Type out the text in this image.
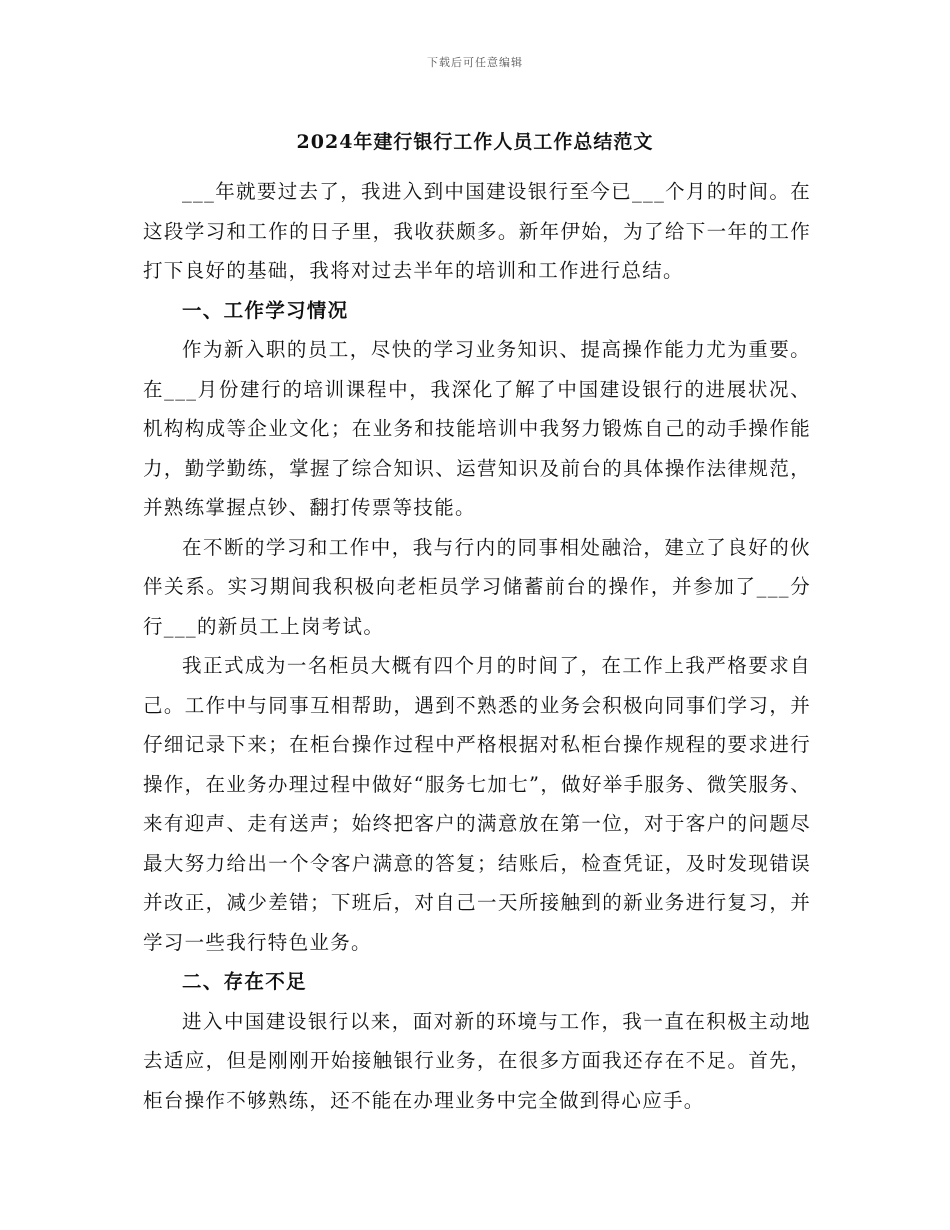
下载后可任意编辑
2024年建行银行工作人员工作总结范文

___年就要过去了，我进入到中国建设银行至今已___个月的时间。在这段学习和工作的日子里，我收获颇多。新年伊始，为了给下一年的工作打下良好的基础，我将对过去半年的培训和工作进行总结。

一、工作学习情况

作为新入职的员工，尽快的学习业务知识、提高操作能力尤为重要。在___月份建行的培训课程中，我深化了解了中国建设银行的进展状况、机构构成等企业文化；在业务和技能培训中我努力锻炼自己的动手操作能力，勤学勤练，掌握了综合知识、运营知识及前台的具体操作法律规范，并熟练掌握点钞、翻打传票等技能。

在不断的学习和工作中，我与行内的同事相处融洽，建立了良好的伙伴关系。实习期间我积极向老柜员学习储蓄前台的操作，并参加了___分行___的新员工上岗考试。

我正式成为一名柜员大概有四个月的时间了，在工作上我严格要求自己。工作中与同事互相帮助，遇到不熟悉的业务会积极向同事们学习，并仔细记录下来；在柜台操作过程中严格根据对私柜台操作规程的要求进行操作，在业务办理过程中做好“服务七加七”，做好举手服务、微笑服务、来有迎声、走有送声；始终把客户的满意放在第一位，对于客户的问题尽最大努力给出一个令客户满意的答复；结账后，检查凭证，及时发现错误并改正，减少差错；下班后，对自己一天所接触到的新业务进行复习，并学习一些我行特色业务。

二、存在不足

进入中国建设银行以来，面对新的环境与工作，我一直在积极主动地去适应，但是刚刚开始接触银行业务，在很多方面我还存在不足。首先，柜台操作不够熟练，还不能在办理业务中完全做到得心应手。
